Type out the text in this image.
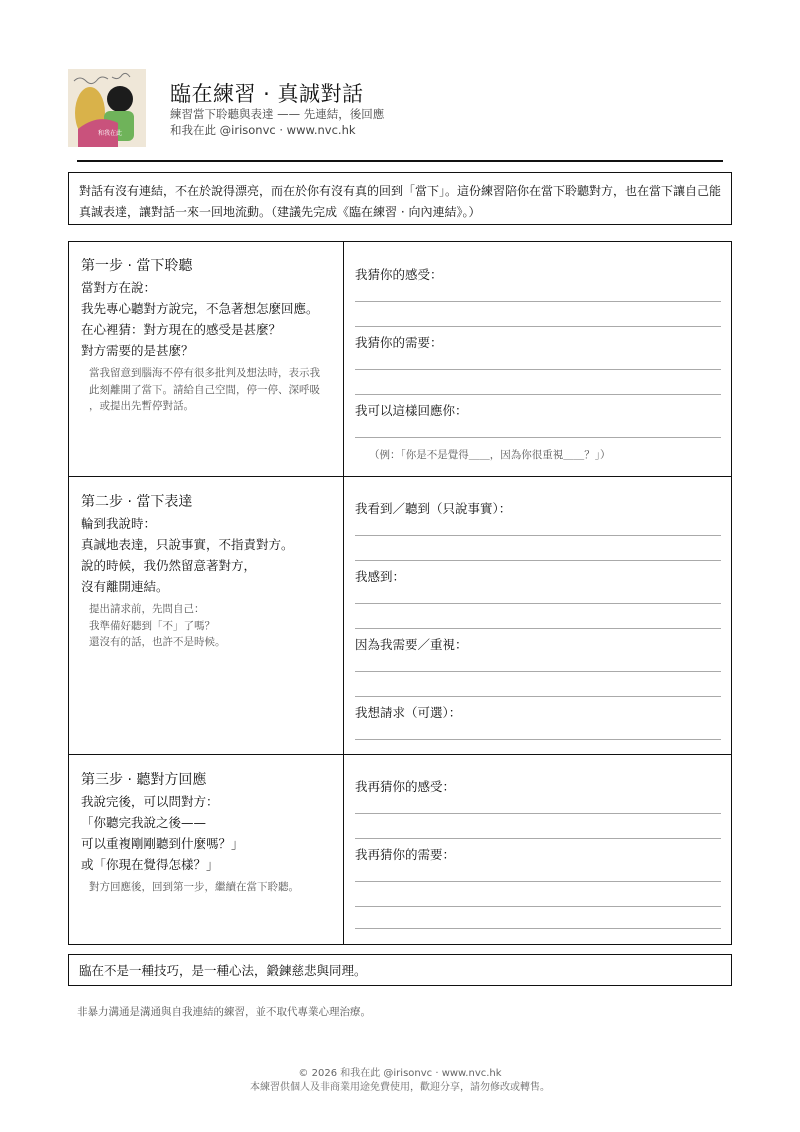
和我在此
臨在練習 · 真誠對話
練習當下聆聽與表達 —— 先連結，後回應
和我在此 @irisonvc · www.nvc.hk
對話有沒有連結，不在於說得漂亮，而在於你有沒有真的回到「當下」。這份練習陪你在當下聆聽對方，也在當下讓自己能真誠表達，讓對話一來一回地流動。（建議先完成《臨在練習 · 向內連結》。）
第一步 · 當下聆聽
當對方在說：
我先專心聽對方說完，不急著想怎麼回應。
在心裡猜：對方現在的感受是甚麼？
對方需要的是甚麼？
當我留意到腦海不停有很多批判及想法時，表示我
此刻離開了當下。請給自己空間，停一停、深呼吸
，或提出先暫停對話。
我猜你的感受：
我猜你的需要：
我可以這樣回應你：
（例：「你是不是覺得＿＿，因為你很重視＿＿？」）
第二步 · 當下表達
輪到我說時：
真誠地表達，只說事實，不指責對方。
說的時候，我仍然留意著對方，
沒有離開連結。
提出請求前，先問自己：
我準備好聽到「不」了嗎？
還沒有的話，也許不是時候。
我看到／聽到（只說事實）：
我感到：
因為我需要／重視：
我想請求（可選）：
第三步 · 聽對方回應
我說完後，可以問對方：
「你聽完我說之後——
可以重複剛剛聽到什麼嗎？」
或「你現在覺得怎樣？」
對方回應後，回到第一步，繼續在當下聆聽。
我再猜你的感受：
我再猜你的需要：
臨在不是一種技巧，是一種心法，鍛鍊慈悲與同理。
非暴力溝通是溝通與自我連結的練習，並不取代專業心理治療。
© 2026 和我在此 @irisonvc · www.nvc.hk
本練習供個人及非商業用途免費使用，歡迎分享，請勿修改或轉售。
